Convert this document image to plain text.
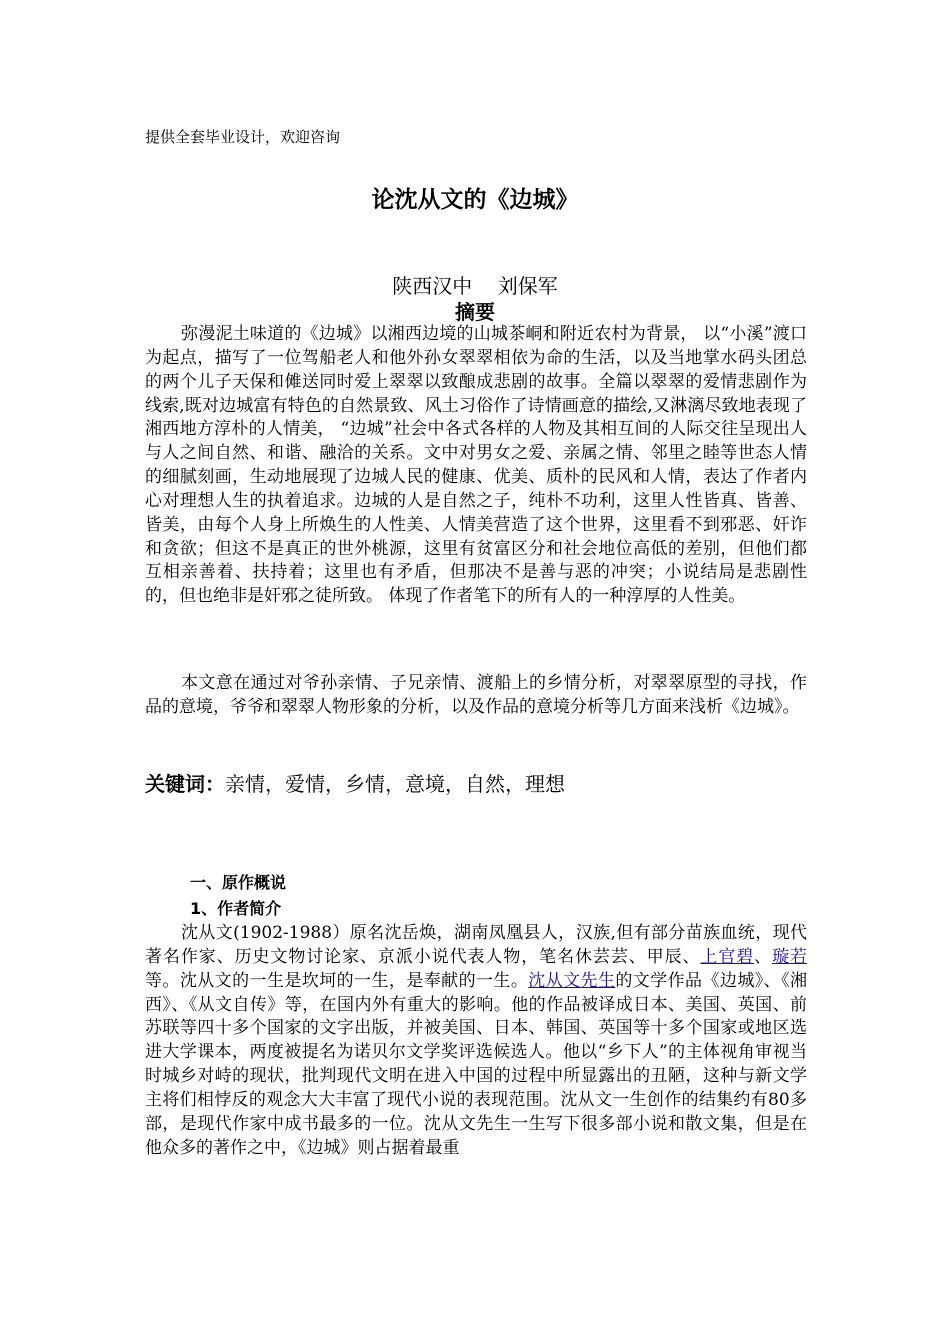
提供全套毕业设计，欢迎咨询
论沈从文的《边城》
陕西汉中    刘保军
摘要

弥漫泥土味道的《边城》以湘西边境的山城茶峒和附近农村为背景， 以“小溪”渡口为起点，描写了一位驾船老人和他外孙女翠翠相依为命的生活，以及当地掌水码头团总的两个儿子天保和傩送同时爱上翠翠以致酿成悲剧的故事。全篇以翠翠的爱情悲剧作为线索,既对边城富有特色的自然景致、风土习俗作了诗情画意的描绘,又淋漓尽致地表现了湘西地方淳朴的人情美， “边城”社会中各式各样的人物及其相互间的人际交往呈现出人与人之间自然、和谐、融洽的关系。文中对男女之爱、亲属之情、邻里之睦等世态人情的细腻刻画，生动地展现了边城人民的健康、优美、质朴的民风和人情，表达了作者内心对理想人生的执着追求。边城的人是自然之子，纯朴不功利，这里人性皆真、皆善、皆美，由每个人身上所焕生的人性美、人情美营造了这个世界，这里看不到邪恶、奸诈和贪欲；但这不是真正的世外桃源，这里有贫富区分和社会地位高低的差别，但他们都互相亲善着、扶持着；这里也有矛盾，但那决不是善与恶的冲突；小说结局是悲剧性的，但也绝非是奸邪之徒所致。 体现了作者笔下的所有人的一种淳厚的人性美。

本文意在通过对爷孙亲情、子兄亲情、渡船上的乡情分析，对翠翠原型的寻找，作品的意境，爷爷和翠翠人物形象的分析，以及作品的意境分析等几方面来浅析《边城》。

关键词：亲情，爱情，乡情，意境，自然，理想
一、原作概说
1、作者简介

沈从文(1902-1988）原名沈岳焕，湖南凤凰县人，汉族,但有部分苗族血统，现代著名作家、历史文物讨论家、京派小说代表人物，笔名休芸芸、甲辰、上官碧、璇若等。沈从文的一生是坎坷的一生，是奉献的一生。沈从文先生的文学作品《边城》、《湘西》、《从文自传》等，在国内外有重大的影响。他的作品被译成日本、美国、英国、前苏联等四十多个国家的文字出版，并被美国、日本、韩国、英国等十多个国家或地区选进大学课本，两度被提名为诺贝尔文学奖评选候选人。他以“乡下人”的主体视角审视当时城乡对峙的现状，批判现代文明在进入中国的过程中所显露出的丑陋，这种与新文学主将们相悖反的观念大大丰富了现代小说的表现范围。沈从文一生创作的结集约有80多部，是现代作家中成书最多的一位。沈从文先生一生写下很多部小说和散文集，但是在他众多的著作之中，《边城》则占据着最重
